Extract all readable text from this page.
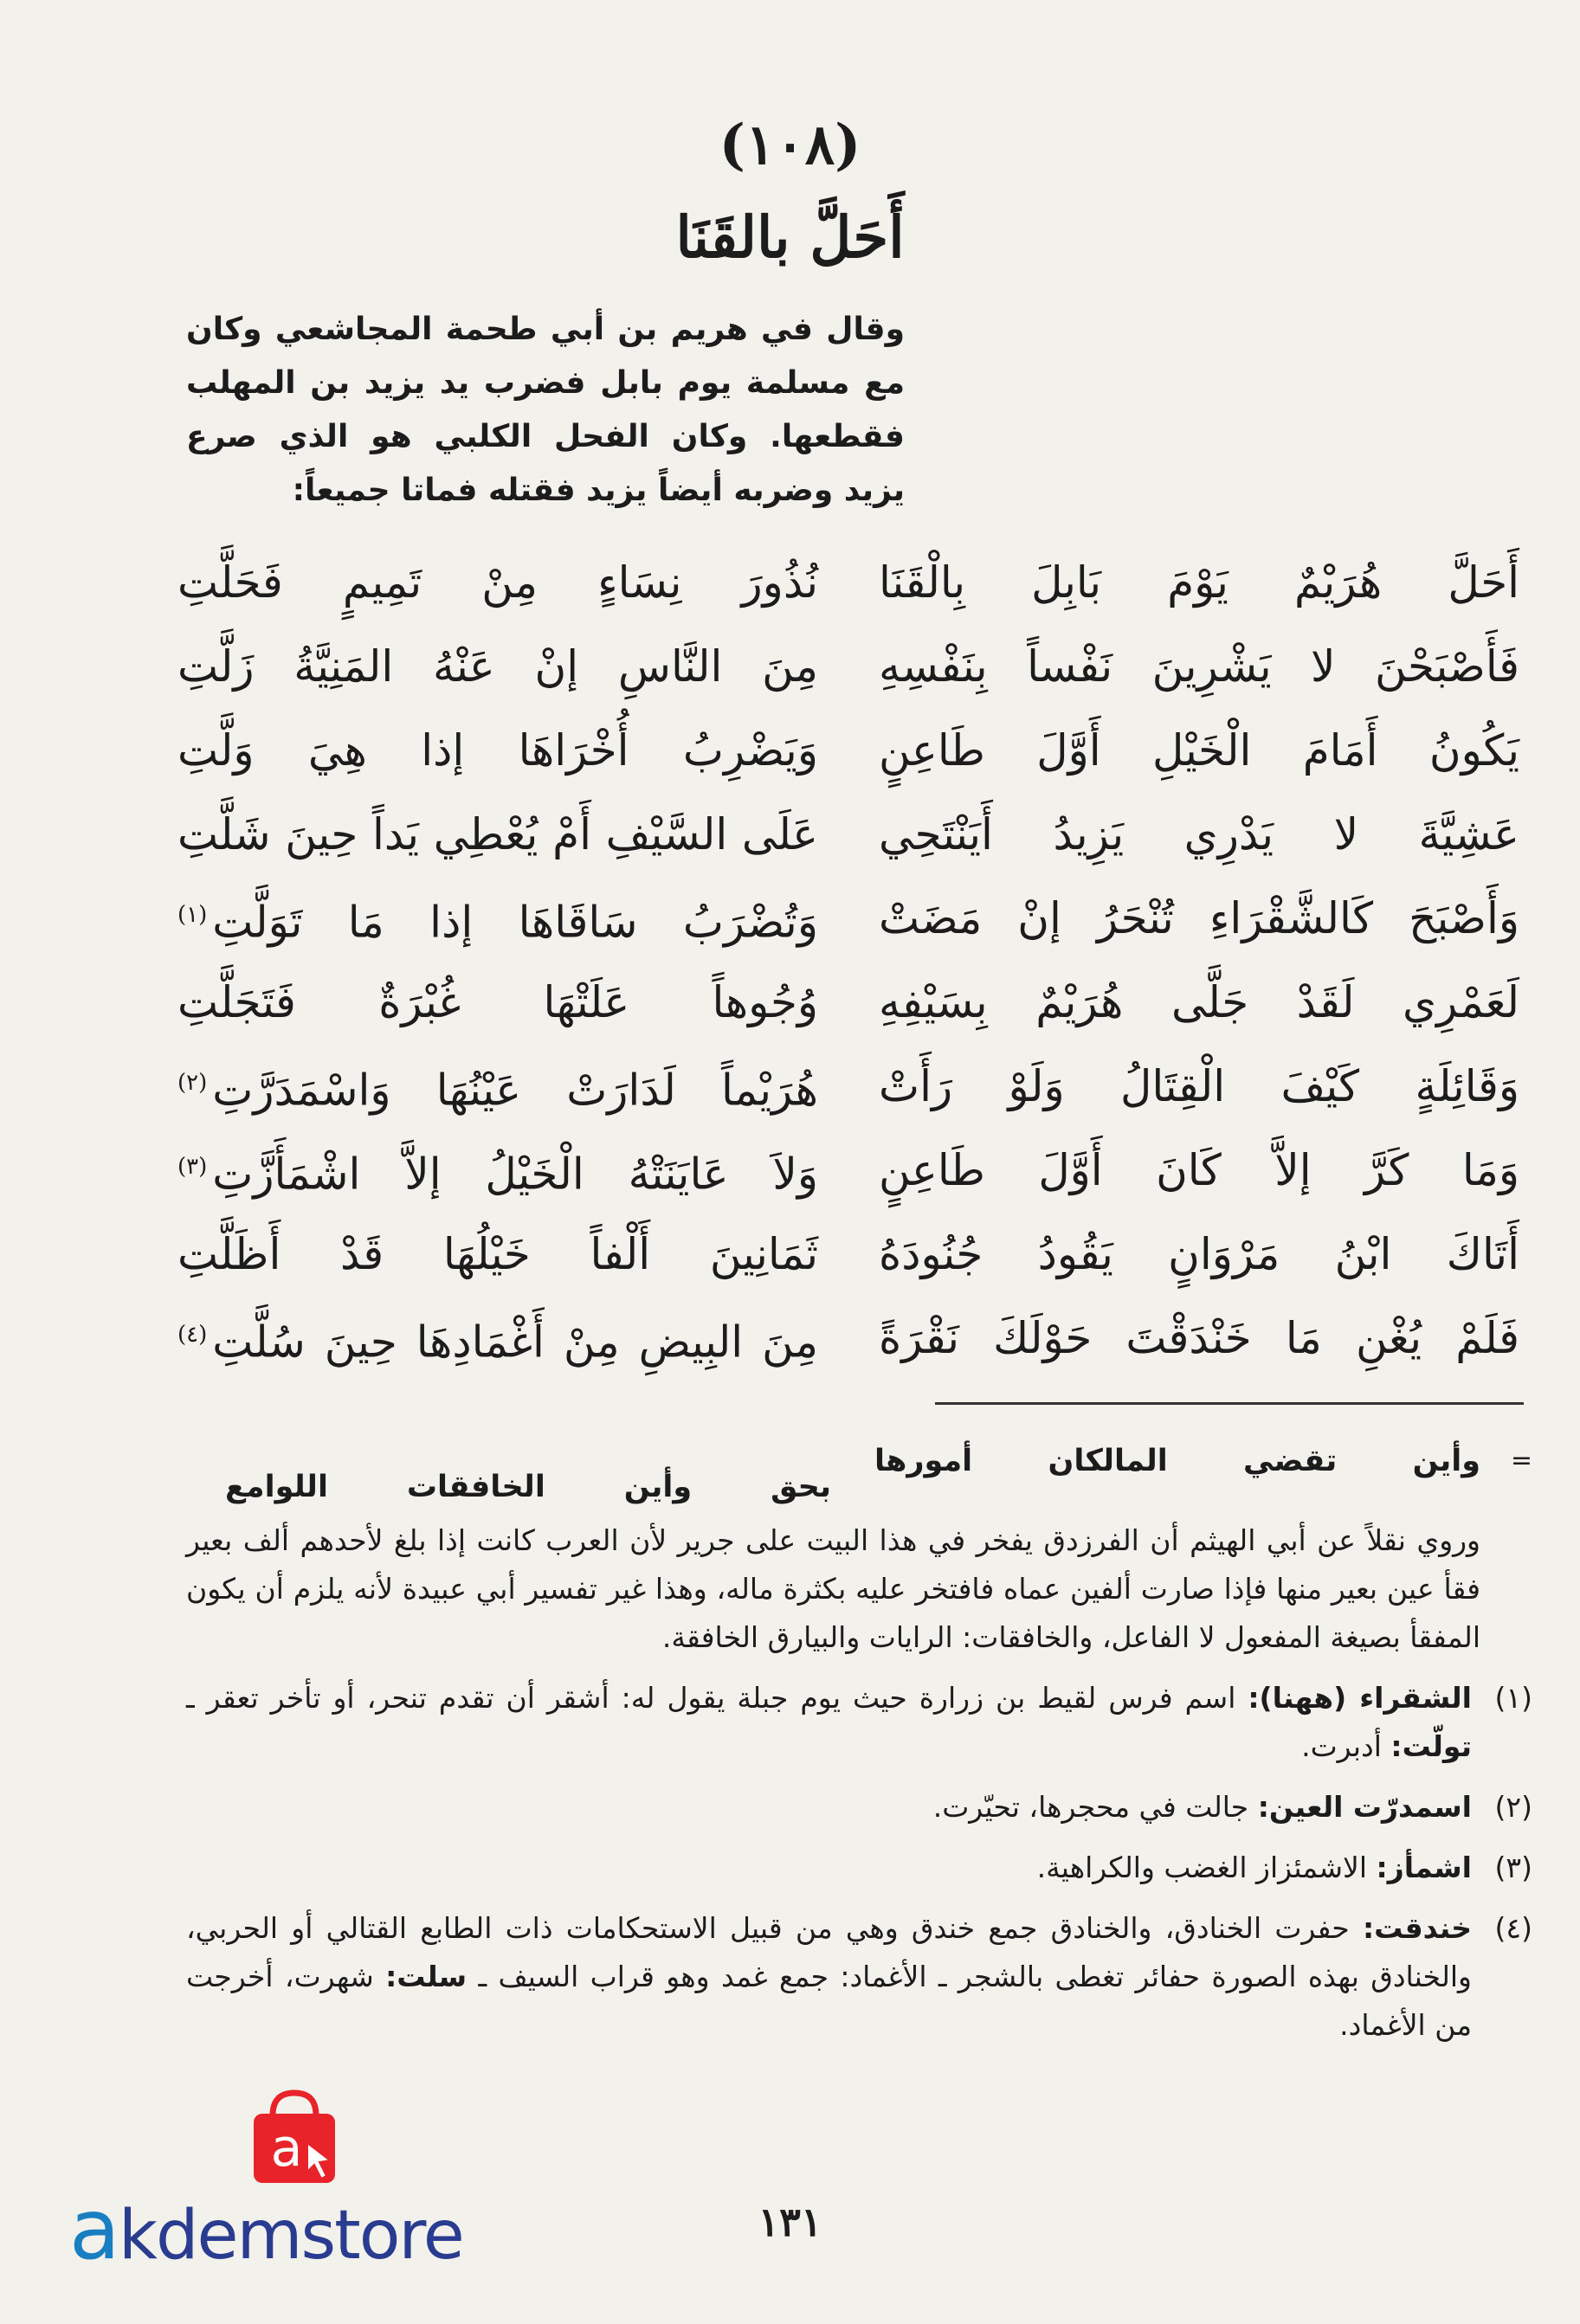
(١٠٨)
أَحَلَّ بالقَنَا
وقال في هريم بن أبي طحمة المجاشعي وكان مع مسلمة يوم بابل فضرب يد يزيد بن المهلب فقطعها. وكان الفحل الكلبي هو الذي صرع يزيد وضربه أيضاً يزيد فقتله فماتا جميعاً:
أَحَلَّ هُرَيْمٌ يَوْمَ بَابِلَ بِالْقَنَا
نُذُورَ نِسَاءٍ مِنْ تَمِيمٍ فَحَلَّتِ
فَأَصْبَحْنَ لا يَشْرِينَ نَفْساً بِنَفْسِهِ
مِنَ النَّاسِ إنْ عَنْهُ المَنِيَّةُ زَلَّتِ
يَكُونُ أَمَامَ الْخَيْلِ أَوَّلَ طَاعِنٍ
وَيَضْرِبُ أُخْرَاهَا إذا هِيَ وَلَّتِ
عَشِيَّةَ لا يَدْرِي يَزِيدُ أَيَنْتَحِي
عَلَى السَّيْفِ أَمْ يُعْطِي يَداً حِينَ شَلَّتِ
وَأَصْبَحَ كَالشَّقْرَاءِ تُنْحَرُ إنْ مَضَتْ
وَتُضْرَبُ سَاقَاهَا إذا مَا تَوَلَّتِ$^{(١)}$
لَعَمْرِي لَقَدْ جَلَّى هُرَيْمٌ بِسَيْفِهِ
وُجُوهاً عَلَتْهَا غُبْرَةٌ فَتَجَلَّتِ
وَقَائِلَةٍ كَيْفَ الْقِتَالُ وَلَوْ رَأَتْ
هُرَيْماً لَدَارَتْ عَيْنُهَا وَاسْمَدَرَّتِ$^{(٢)}$
وَمَا كَرَّ إلاَّ كَانَ أَوَّلَ طَاعِنٍ
وَلاَ عَايَنَتْهُ الْخَيْلُ إلاَّ اشْمَأَزَّتِ$^{(٣)}$
أَتَاكَ ابْنُ مَرْوَانٍ يَقُودُ جُنُودَهُ
ثَمَانِينَ أَلْفاً خَيْلُهَا قَدْ أَظَلَّتِ
فَلَمْ يُغْنِ مَا خَنْدَقْتَ حَوْلَكَ نَقْرَةً
مِنَ البِيضِ مِنْ أَغْمَادِهَا حِينَ سُلَّتِ$^{(٤)}$
=
وأين تقضي المالكان أمورها
بحق وأين الخافقات اللوامع

وروي نقلاً عن أبي الهيثم أن الفرزدق يفخر في هذا البيت على جرير لأن العرب كانت إذا بلغ لأحدهم ألف بعير فقأ عين بعير منها فإذا صارت ألفين عماه فافتخر عليه بكثرة ماله، وهذا غير تفسير أبي عبيدة لأنه يلزم أن يكون المفقأ بصيغة المفعول لا الفاعل، والخافقات: الرايات والبيارق الخافقة.

(١)
الشقراء (ههنا): اسم فرس لقيط بن زرارة حيث يوم جبلة يقول له: أشقر أن تقدم تنحر، أو تأخر تعقر ـ تولّت: أدبرت.
(٢)
اسمدرّت العين: جالت في محجرها، تحيّرت.
(٣)
اشمأز: الاشمئزاز الغضب والكراهية.
(٤)
خندقت: حفرت الخنادق، والخنادق جمع خندق وهي من قبيل الاستحكامات ذات الطابع القتالي أو الحربي، والخنادق بهذه الصورة حفائر تغطى بالشجر ـ الأغماد: جمع غمد وهو قراب السيف ـ سلت: شهرت، أخرجت من الأغماد.
١٣١
a
akdemstore
